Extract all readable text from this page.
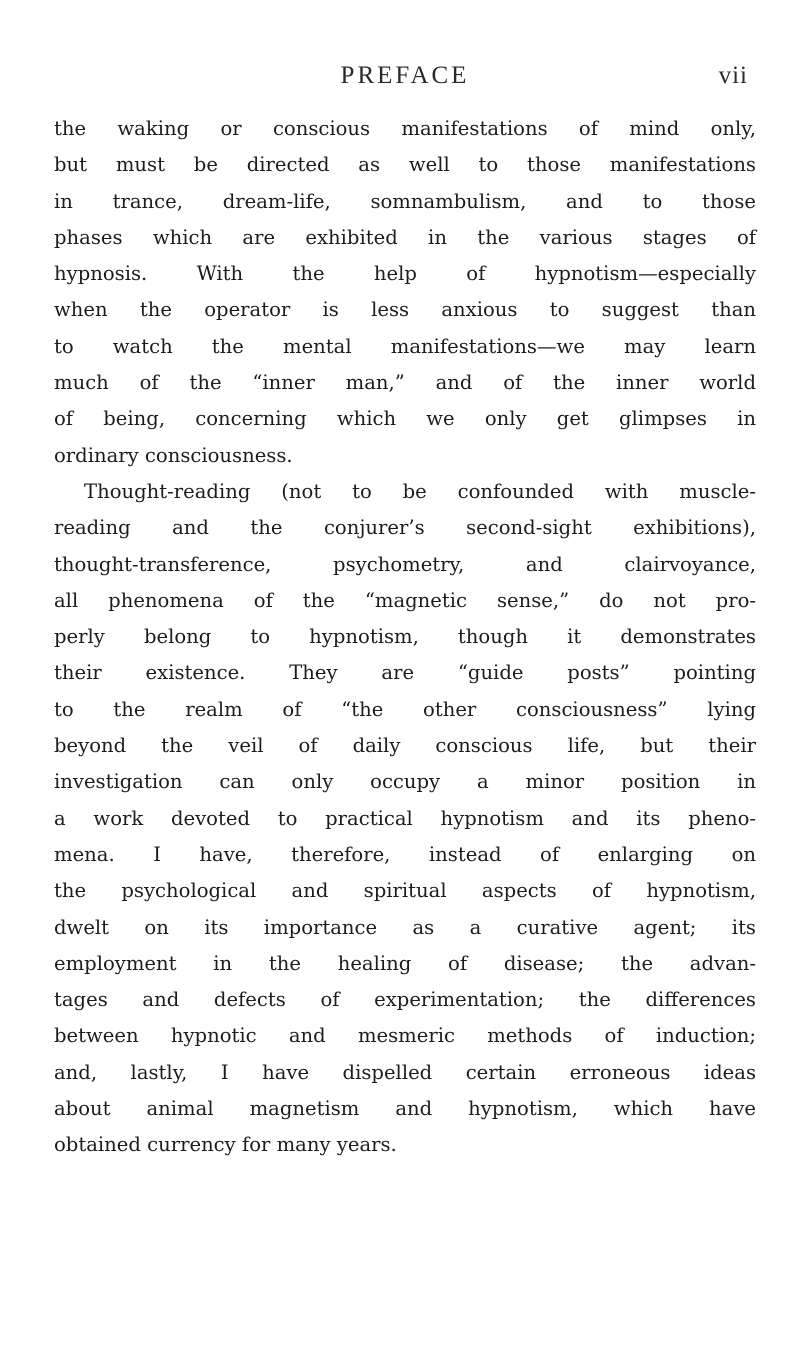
PREFACE	vii
the waking or conscious manifestations of mind only,
but must be directed as well to those manifestations
in trance, dream-life, somnambulism, and to those
phases which are exhibited in the various stages of
hypnosis. With the help of hypnotism—especially
when the operator is less anxious to suggest than
to watch the mental manifestations—we may learn
much of the “inner man,” and of the inner world
of being, concerning which we only get glimpses in
ordinary consciousness.
Thought-reading (not to be confounded with muscle-
reading and the conjurer’s second-sight exhibitions),
thought-transference, psychometry, and clairvoyance,
all phenomena of the “magnetic sense,” do not pro-
perly belong to hypnotism, though it demonstrates
their existence. They are “guide posts” pointing
to the realm of “the other consciousness” lying
beyond the veil of daily conscious life, but their
investigation can only occupy a minor position in
a work devoted to practical hypnotism and its pheno-
mena. I have, therefore, instead of enlarging on
the psychological and spiritual aspects of hypnotism,
dwelt on its importance as a curative agent; its
employment in the healing of disease; the advan-
tages and defects of experimentation; the differences
between hypnotic and mesmeric methods of induction;
and, lastly, I have dispelled certain erroneous ideas
about animal magnetism and hypnotism, which have
obtained currency for many years.
